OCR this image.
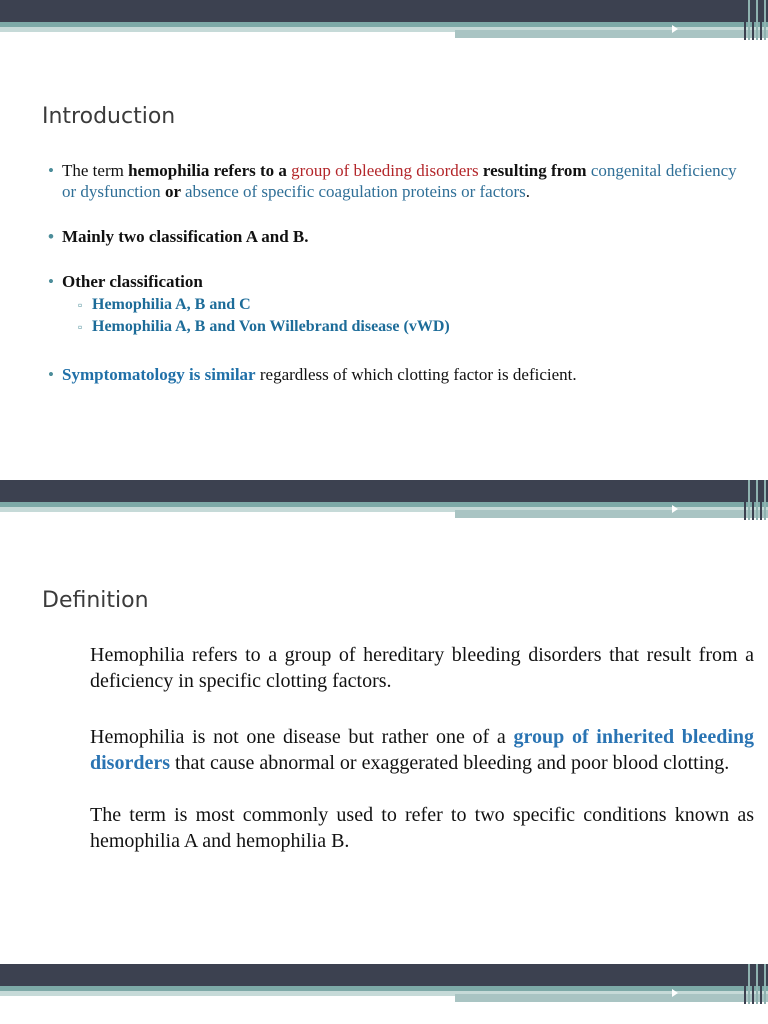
Introduction
• The term hemophilia refers to a group of bleeding disorders resulting from congenital deficiency or dysfunction or absence of specific coagulation proteins or factors.
• Mainly two classification A and B.
• Other classification
▫ Hemophilia A, B and C
▫ Hemophilia A, B and Von Willebrand disease (vWD)
• Symptomatology is similar regardless of which clotting factor is deficient.
Definition
Hemophilia refers to a group of hereditary bleeding disorders that result from a deficiency in specific clotting factors.
Hemophilia is not one disease but rather one of a group of inherited bleeding disorders that cause abnormal or exaggerated bleeding and poor blood clotting.
The term is most commonly used to refer to two specific conditions known as hemophilia A and hemophilia B.
